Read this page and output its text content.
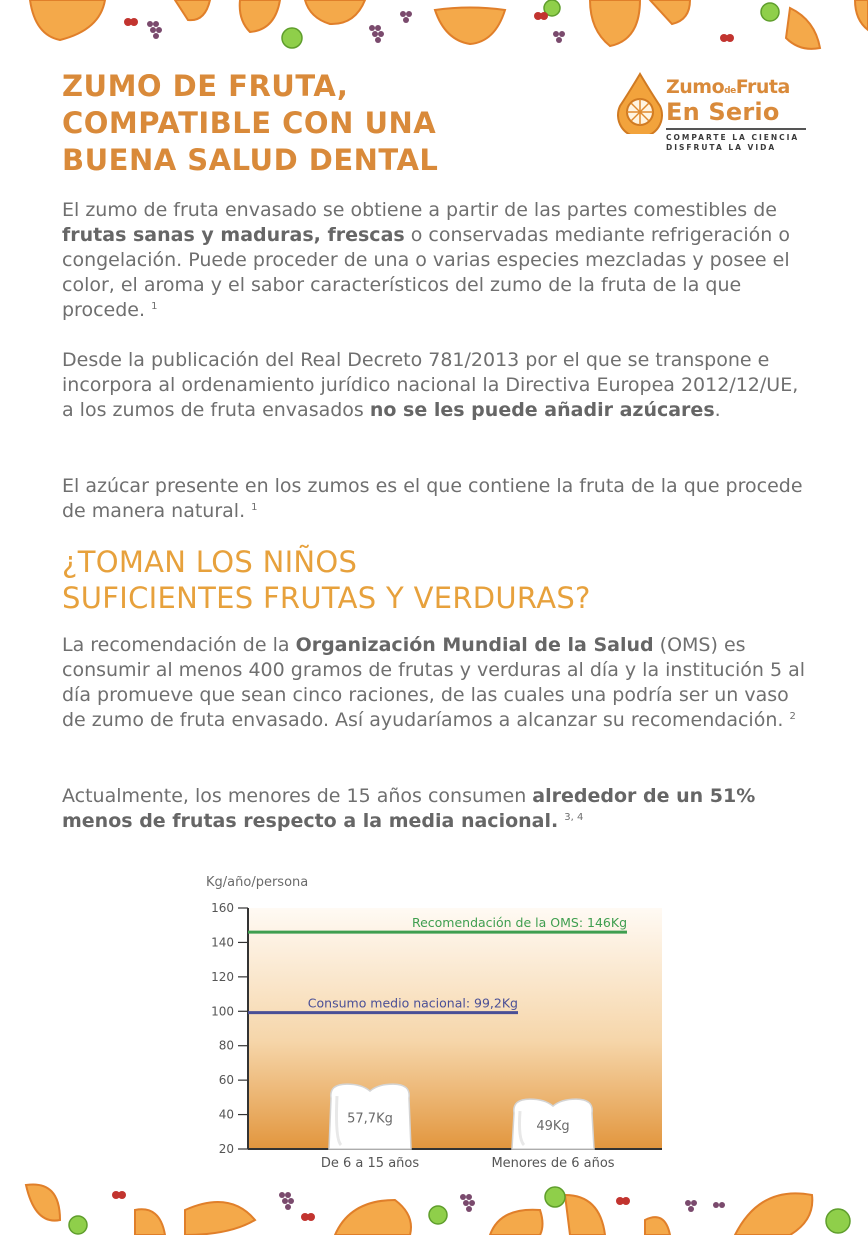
ZUMO DE FRUTA,
COMPATIBLE CON UNA
BUENA SALUD DENTAL
ZumodeFruta
En Serio
COMPARTE LA CIENCIA
DISFRUTA LA VIDA

El zumo de fruta envasado se obtiene a partir de las partes comestibles de frutas sanas y maduras, frescas o conservadas mediante refrigeración o congelación. Puede proceder de una o varias especies mezcladas y posee el color, el aroma y el sabor característicos del zumo de la fruta de la que procede. $^1$

Desde la publicación del Real Decreto 781/2013 por el que se transpone e incorpora al ordenamiento jurídico nacional la Directiva Europea 2012/12/UE, a los zumos de fruta envasados no se les puede añadir azúcares.

El azúcar presente en los zumos es el que contiene la fruta de la que procede de manera natural. $^1$

¿TOMAN LOS NIÑOS
SUFICIENTES FRUTAS Y VERDURAS?

La recomendación de la Organización Mundial de la Salud (OMS) es consumir al menos 400 gramos de frutas y verduras al día y la institución 5 al día promueve que sean cinco raciones, de las cuales una podría ser un vaso de zumo de fruta envasado. Así ayudaríamos a alcanzar su recomendación. $^2$

Actualmente, los menores de 15 años consumen alrededor de un 51% menos de frutas respecto a la media nacional. $^{3, 4}$

20
40
60
80
100
120
140
160
57,7Kg
De 6 a 15 años
49Kg
Menores de 6 años
Recomendación de la OMS: 146Kg
Consumo medio nacional: 99,2Kg
Kg/año/persona
